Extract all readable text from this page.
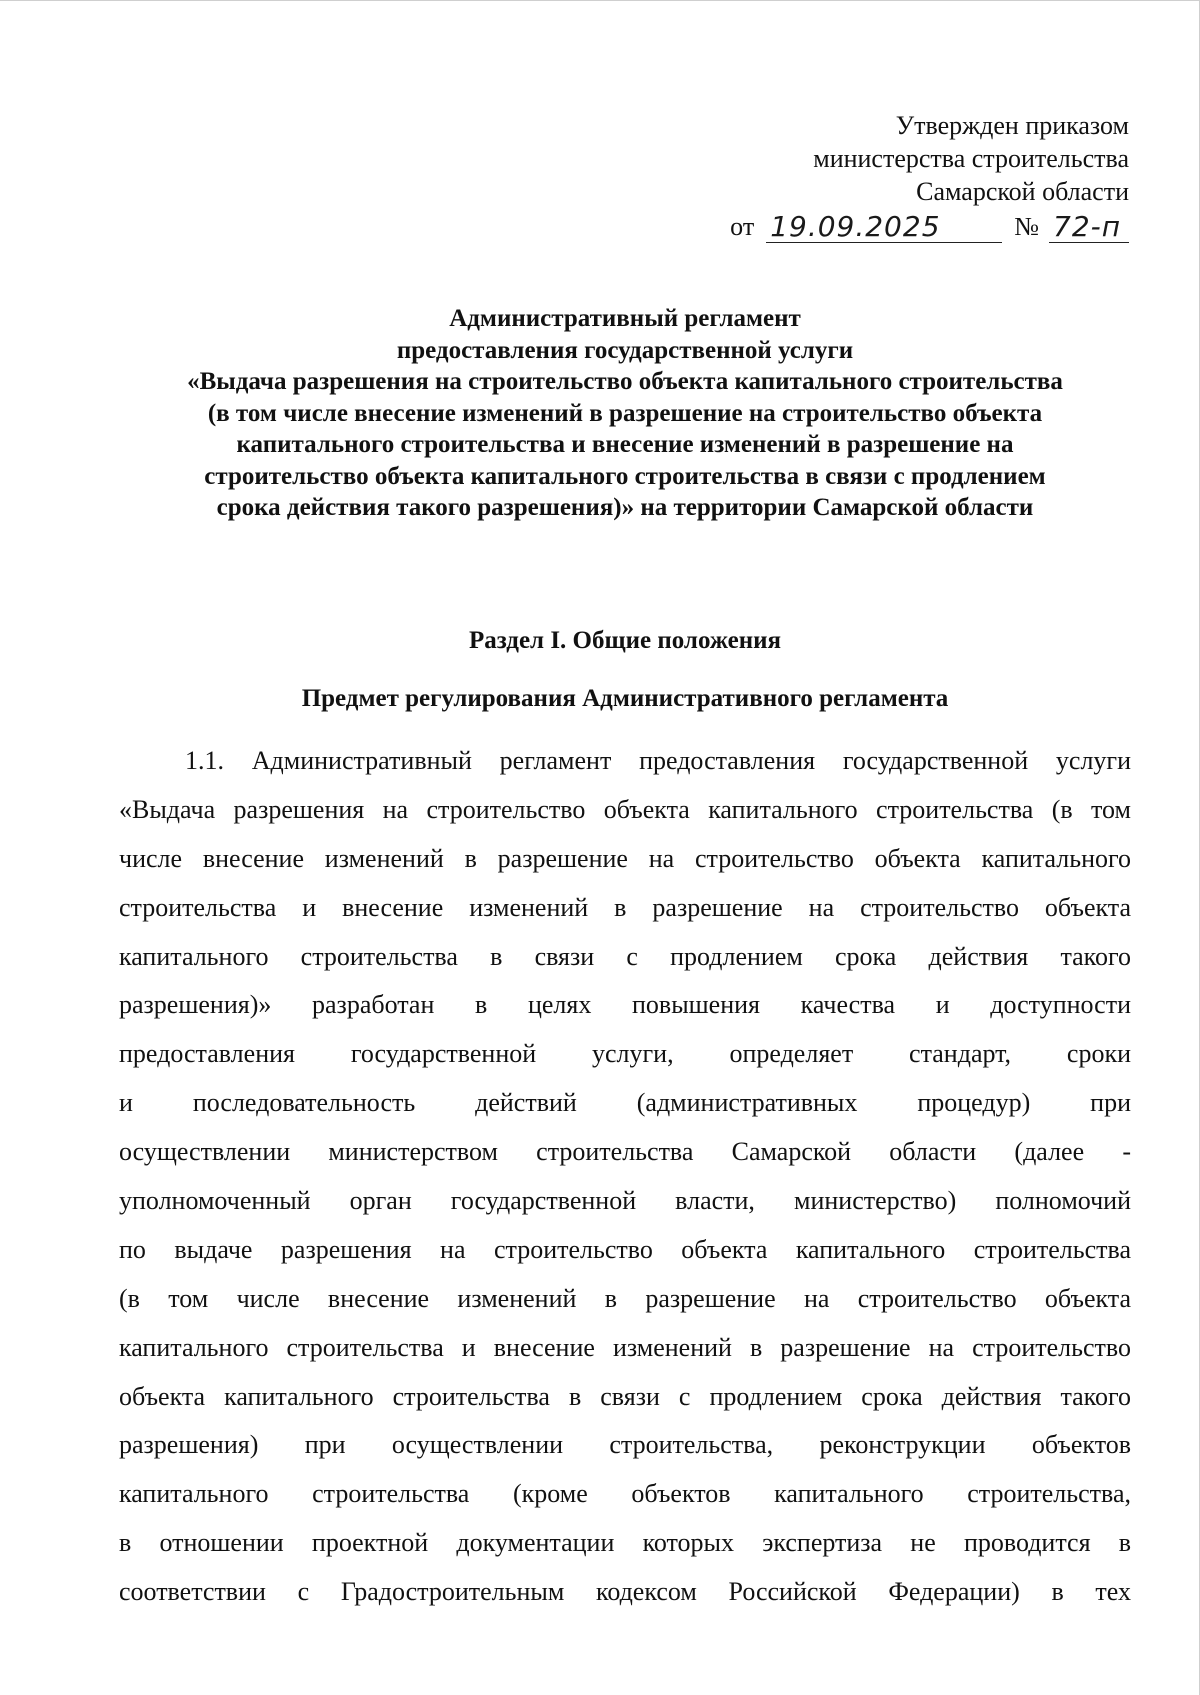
Утвержден приказом
министерства строительства
Самарской области
от 19.09.2025	№ 72-п
Административный регламент
предоставления государственной услуги
«Выдача разрешения на строительство объекта капитального строительства
(в том числе внесение изменений в разрешение на строительство объекта
капитального строительства и внесение изменений в разрешение на
строительство объекта капитального строительства в связи с продлением
срока действия такого разрешения)» на территории Самарской области
Раздел I. Общие положения
Предмет регулирования Административного регламента
1.1. Административный регламент предоставления государственной услуги
«Выдача разрешения на строительство объекта капитального строительства (в том
числе внесение изменений в разрешение на строительство объекта капитального
строительства и внесение изменений в разрешение на строительство объекта
капитального строительства в связи с продлением срока действия такого
разрешения)» разработан в целях повышения качества и доступности
предоставления государственной услуги, определяет стандарт, сроки
и последовательность действий (административных процедур) при
осуществлении министерством строительства Самарской области (далее -
уполномоченный орган государственной власти, министерство) полномочий
по выдаче разрешения на строительство объекта капитального строительства
(в том числе внесение изменений в разрешение на строительство объекта
капитального строительства и внесение изменений в разрешение на строительство
объекта капитального строительства в связи с продлением срока действия такого
разрешения) при осуществлении строительства, реконструкции объектов
капитального строительства (кроме объектов капитального строительства,
в отношении проектной документации которых экспертиза не проводится в
соответствии с Градостроительным кодексом Российской Федерации) в тех
